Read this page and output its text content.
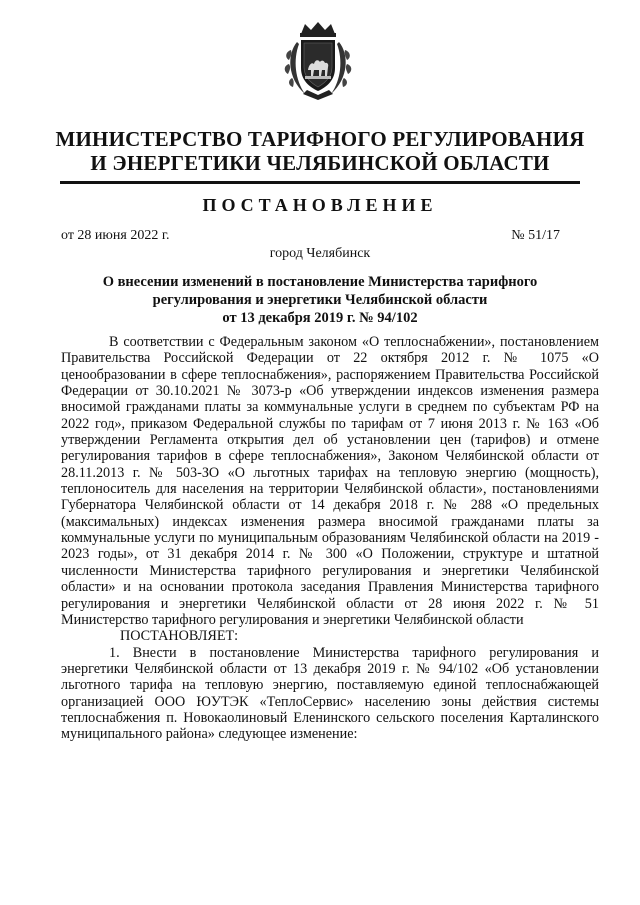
МИНИСТЕРСТВО ТАРИФНОГО РЕГУЛИРОВАНИЯ
И ЭНЕРГЕТИКИ ЧЕЛЯБИНСКОЙ ОБЛАСТИ
ПОСТАНОВЛЕНИЕ
от 28 июня 2022 г.	№ 51/17
город Челябинск
О внесении изменений в постановление Министерства тарифного
регулирования и энергетики Челябинской области
от 13 декабря 2019 г. № 94/102

В соответствии с Федеральным законом «О теплоснабжении», постановлением Правительства Российской Федерации от 22 октября 2012 г. № 1075 «О ценообразовании в сфере теплоснабжения», распоряжением Правительства Российской Федерации от 30.10.2021 № 3073-р «Об утверждении индексов изменения размера вносимой гражданами платы за коммунальные услуги в среднем по субъектам РФ на 2022 год», приказом Федеральной службы по тарифам от 7 июня 2013 г. № 163 «Об утверждении Регламента открытия дел об установлении цен (тарифов) и отмене регулирования тарифов в сфере теплоснабжения», Законом Челябинской области от 28.11.2013 г. № 503-ЗО «О льготных тарифах на тепловую энергию (мощность), теплоноситель для населения на территории Челябинской области», постановлениями Губернатора Челябинской области от 14 декабря 2018 г. № 288 «О предельных (максимальных) индексах изменения размера вносимой гражданами платы за коммунальные услуги по муниципальным образованиям Челябинской области на 2019 - 2023 годы», от 31 декабря 2014 г. № 300 «О Положении, структуре и штатной численности Министерства тарифного регулирования и энергетики Челябинской области» и на основании протокола заседания Правления Министерства тарифного регулирования и энергетики Челябинской области от 28 июня 2022 г. № 51 Министерство тарифного регулирования и энергетики Челябинской области

ПОСТАНОВЛЯЕТ:

1. Внести в постановление Министерства тарифного регулирования и энергетики Челябинской области от 13 декабря 2019 г. № 94/102 «Об установлении льготного тарифа на тепловую энергию, поставляемую единой теплоснабжающей организацией ООО ЮУТЭК «ТеплоСервис» населению зоны действия системы теплоснабжения п. Новокаолиновый Еленинского сельского поселения Карталинского муниципального района» следующее изменение:
